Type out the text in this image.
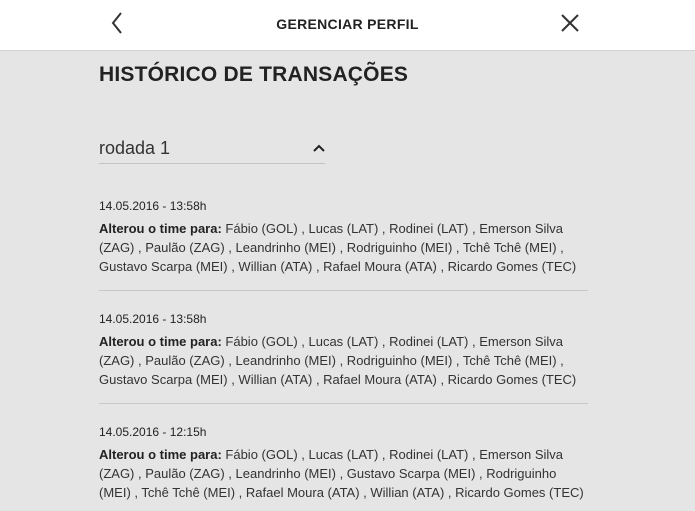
GERENCIAR PERFIL
HISTÓRICO DE TRANSAÇÕES
rodada 1
14.05.2016 - 13:58h

Alterou o time para: Fábio (GOL) , Lucas (LAT) , Rodinei (LAT) , Emerson Silva (ZAG) , Paulão (ZAG) , Leandrinho (MEI) , Rodriguinho (MEI) , Tchê Tchê (MEI) , Gustavo Scarpa (MEI) , Willian (ATA) , Rafael Moura (ATA) , Ricardo Gomes (TEC)

14.05.2016 - 13:58h

Alterou o time para: Fábio (GOL) , Lucas (LAT) , Rodinei (LAT) , Emerson Silva (ZAG) , Paulão (ZAG) , Leandrinho (MEI) , Rodriguinho (MEI) , Tchê Tchê (MEI) , Gustavo Scarpa (MEI) , Willian (ATA) , Rafael Moura (ATA) , Ricardo Gomes (TEC)

14.05.2016 - 12:15h

Alterou o time para: Fábio (GOL) , Lucas (LAT) , Rodinei (LAT) , Emerson Silva (ZAG) , Paulão (ZAG) , Leandrinho (MEI) , Gustavo Scarpa (MEI) , Rodriguinho (MEI) , Tchê Tchê (MEI) , Rafael Moura (ATA) , Willian (ATA) , Ricardo Gomes (TEC)
